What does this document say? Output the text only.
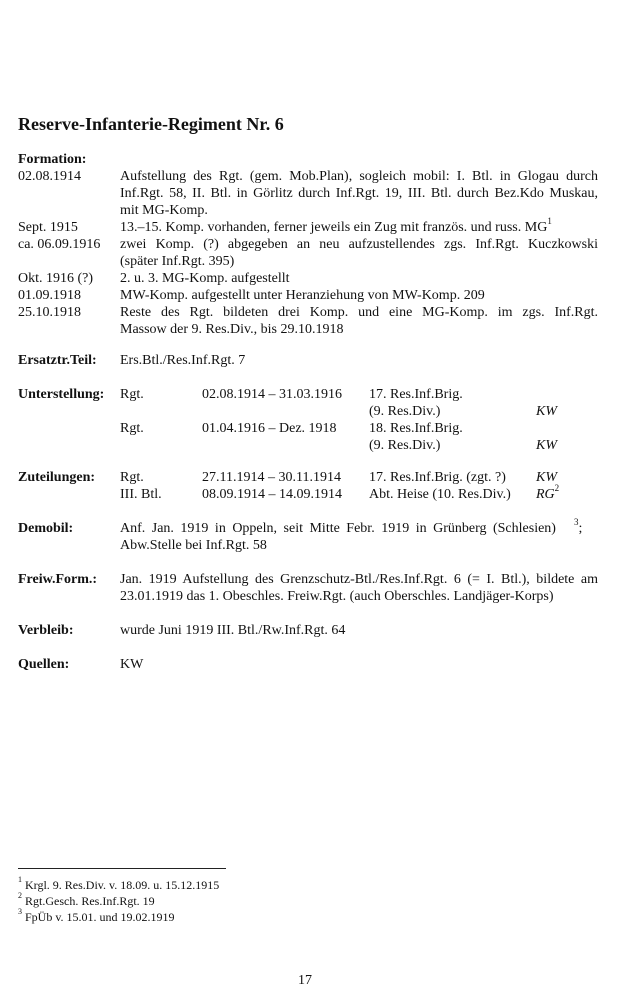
Reserve-Infanterie-Regiment Nr. 6
Formation:
02.08.1914	Aufstellung des Rgt. (gem. Mob.Plan), sogleich mobil: I. Btl. in Glogau durch
Inf.Rgt. 58, II. Btl. in Görlitz durch Inf.Rgt. 19, III. Btl. durch Bez.Kdo Muskau,
mit MG-Komp.
Sept. 1915	13.–15. Komp. vorhanden, ferner jeweils ein Zug mit französ. und russ. $MG^1$
ca. 06.09.1916 zwei Komp. (?) abgegeben an neu aufzustellendes zgs. Inf.Rgt. Kuczkowski
(später Inf.Rgt. 395)
Okt. 1916 (?) 2. u. 3. MG-Komp. aufgestellt
01.09.1918	MW-Komp. aufgestellt unter Heranziehung von MW-Komp. 209
25.10.1918	Reste des Rgt. bildeten drei Komp. und eine MG-Komp. im zgs. Inf.Rgt.
Massow der 9. Res.Div., bis 29.10.1918
Ersatztr.Teil: Ers.Btl./Res.Inf.Rgt. 7
Unterstellung: Rgt.	02.08.1914 – 31.03.1916 17. Res.Inf.Brig.
(9. Res.Div.)	KW
Rgt.	01.04.1916 – Dez. 1918 18. Res.Inf.Brig.
(9. Res.Div.)	KW
Zuteilungen: Rgt.	27.11.1914 – 30.11.1914 17. Res.Inf.Brig. (zgt. ?) KW
III. Btl.	08.09.1914 – 14.09.1914 Abt. Heise (10. Res.Div.) $RG^2$
Demobil:	Anf. Jan. 1919 in Oppeln, seit Mitte Febr. 1919 in Grünberg (Schlesien) $^3$;
Abw.Stelle bei Inf.Rgt. 58
Freiw.Form.: Jan. 1919 Aufstellung des Grenzschutz-Btl./Res.Inf.Rgt. 6 (= I. Btl.), bildete am
23.01.1919 das 1. Obeschles. Freiw.Rgt. (auch Oberschles. Landjäger-Korps)
Verbleib:	wurde Juni 1919 III. Btl./Rw.Inf.Rgt. 64
Quellen:	KW
$^1$ Krgl. 9. Res.Div. v. 18.09. u. 15.12.1915
$^2$ Rgt.Gesch. Res.Inf.Rgt. 19
$^3$ FpÜb v. 15.01. und 19.02.1919
17
